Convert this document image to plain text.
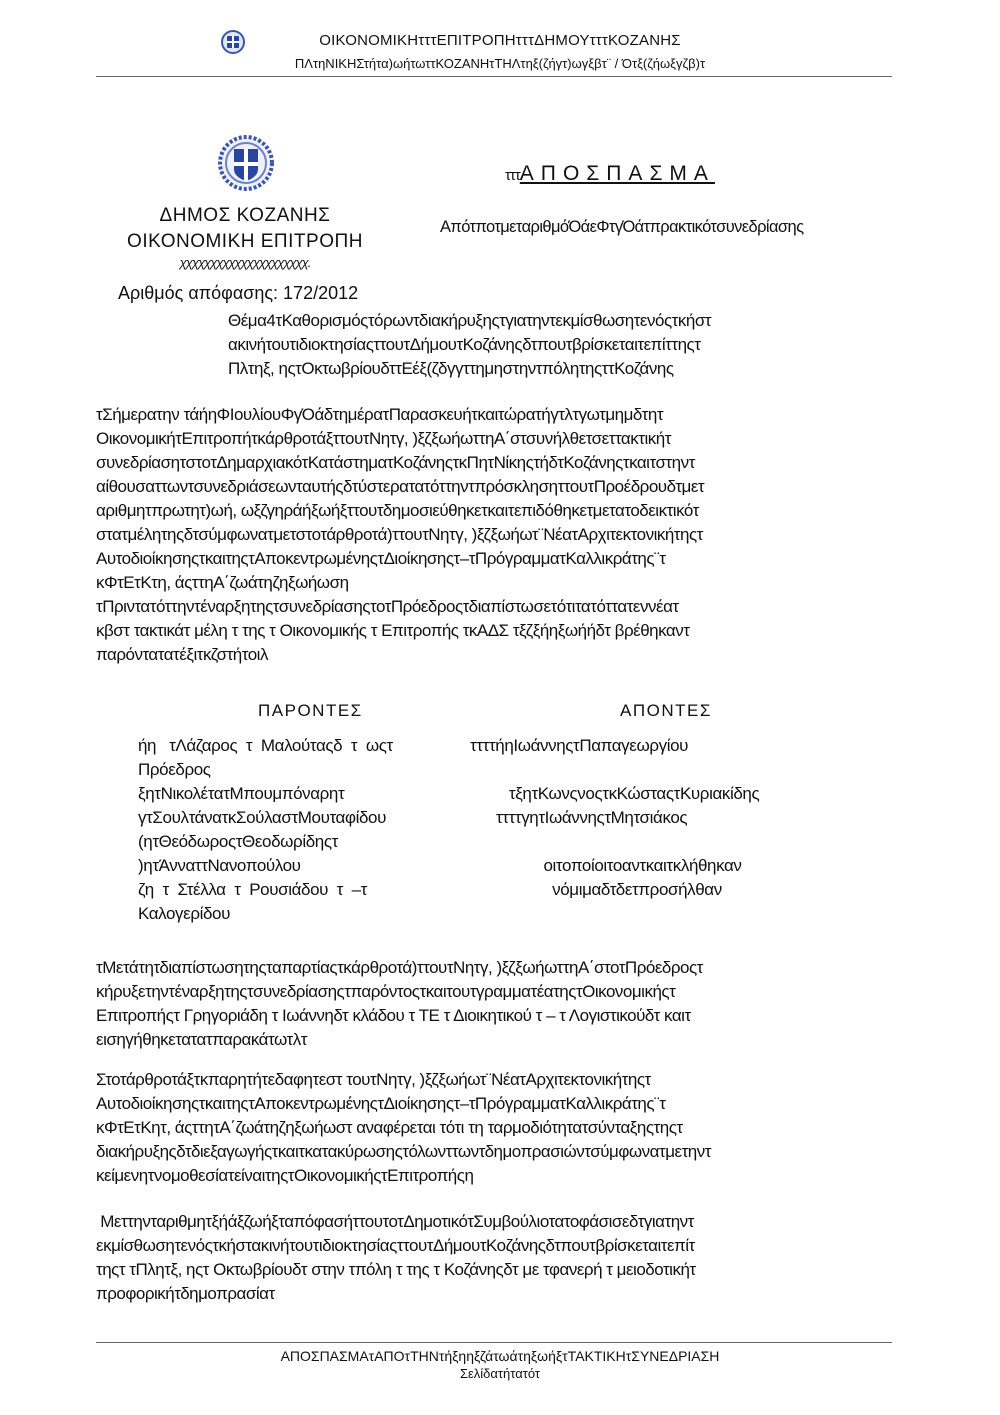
ΟΙΚΟΝΟΜΙΚΗτττΕΠΙΤΡΟΠΗτττΔΗΜΟΥτττΚΟΖΑΝΗΣ
ΠΛτηΝΙΚΗΣτήτα)ωήτωττΚΟΖΑΝΗτΤΗΛτηξ(ζήγτ)ωγξβτ¨ / Ότξ(ζήωξγζβ)τ
ΔΗΜΟΣ ΚΟΖΑΝΗΣ
ΟΙΚΟΝΟΜΙΚΗ ΕΠΙΤΡΟΠΗ
χχχχχχχχχχχχχχχχχχχχχ.
Αριθμός απόφασης: 172/2012
τττΑΠΟΣΠΑΣΜΑ
ΑπότποτμεταριθμόΌάεΦτγΌάτπρακτικότσυνεδρίασης
Θέμα4τΚαθορισμόςτόρωντδιακήρυξηςτγιατηντεκμίσθωσητενόςτκήστ
ακινήτουτιδιοκτησίαςττουτΔήμουτΚοζάνηςδτπουτβρίσκεταιτεπίττηςτ
Πλτηξ, ηςτΟκτωβρίουδττΕέξ(ζδγγττημηστηντπόλητηςττΚοζάνης
τΣήμερατην τάήηΦΙουλίουΦγΌάδτημέρατΠαρασκευήτκαιτώρατήγτλτγωτμημδτητ
ΟικονομικήτΕπιτροπήτκάρθροτάξττουτΝητγ, )ξζξωήωττηΑ΄στσυνήλθετσεττακτικήτ
συνεδρίασητστοτΔημαρχιακότΚατάστηματΚοζάνηςτκΠητΝίκηςτήδτΚοζάνηςτκαιτστηντ
αίθουσαττωντσυνεδριάσεωνταυτήςδτύστερατατόττηντπρόσκλησηττουτΠροέδρουδτμετ
αριθμητπρωτητ)ωή, ωξζγηράήξωήξττουτδημοσιεύθηκετκαιτεπιδόθηκετμετατοδεικτικότ
στατμέλητηςδτσύμφωνατμετστοτάρθροτά)ττουτΝητγ, )ξζξωήωτ¨ΝέατΑρχιτεκτονικήτηςτ
ΑυτοδιοίκησηςτκαιτηςτΑποκεντρωμένηςτΔιοίκησηςτ–τΠρόγραμματΚαλλικράτης¨τ
κΦτΕτΚτη, άςττηΑ΄ζωάτηζηξωήωση
τΠριντατόττηντέναρξητηςτσυνεδρίασηςτοτΠρόεδροςτδιαπίστωσετότιτατόττατεννέατ
κβστ τακτικάτ μέλη τ της τ Οικονομικής τ Επιτροπής τκΑΔΣ τξζξήηξωήήδτ βρέθηκαντ
παρόντατατέξιτκζστήτοιλ
ΠΑΡΟΝΤΕΣ	ΑΠΟΝΤΕΣ
ήη   τΛάζαρος  τ  Μαλούταςδ  τ  ωςτ
Πρόεδρος
ξητΝικολέτατΜπουμπόναρητ
γτΣουλτάνατκΣούλαστΜουταφίδου
(ητΘεόδωροςτΘεοδωρίδηςτ
)ητΆνναττΝανοπούλου
ζη  τ  Στέλλα  τ  Ρουσιάδου  τ  –τ
Καλογερίδου
ττττήηΙωάννηςτΠαπαγεωργίου
τξητΚωνςνοςτκΚώσταςτΚυριακίδης
ττττγητΙωάννηςτΜητσιάκος
οιτοποίοιτοαντκαιτκλήθηκαν
νόμιμαδτδετπροσήλθαν
τΜετάτητδιαπίστωσητηςταπαρτίαςτκάρθροτά)ττουτΝητγ, )ξζξωήωττηΑ΄στοτΠρόεδροςτ
κήρυξετηντέναρξητηςτσυνεδρίασηςτπαρόντοςτκαιτουτγραμματέατηςτΟικονομικήςτ
Επιτροπήςτ Γρηγοριάδη τ Ιωάννηδτ κλάδου τ ΤΕ τ Διοικητικού τ – τ Λογιστικούδτ καιτ
εισηγήθηκετατατπαρακάτωτλτ
Στοτάρθροτάξτκπαρητήτεδαφητεστ τουτΝητγ, )ξζξωήωτ¨ΝέατΑρχιτεκτονικήτηςτ
ΑυτοδιοίκησηςτκαιτηςτΑποκεντρωμένηςτΔιοίκησηςτ–τΠρόγραμματΚαλλικράτης¨τ
κΦτΕτΚητ, άςττητΑ΄ζωάτηζηξωήωστ αναφέρεται τότι τη ταρμοδιότητατσύνταξηςτηςτ
διακήρυξηςδτδιεξαγωγήςτκαιτκατακύρωσηςτόλωνττωντδημοπρασιώντσύμφωνατμετηντ
κείμενητνομοθεσίατείναιτηςτΟικονομικήςτΕπιτροπήςη
ΜεττηνταριθμητξήάξζωήξταπόφασήττουτοτΔημοτικότΣυμβούλιοτατοφάσισεδτγιατηντ
εκμίσθωσητενόςτκήστακινήτουτιδιοκτησίαςττουτΔήμουτΚοζάνηςδτπουτβρίσκεταιτεπίτ
τηςτ τΠλητξ, ηςτ Οκτωβρίουδτ στην τπόλη τ της τ Κοζάνηςδτ με τφανερή τ μειοδοτικήτ
προφορικήτδημοπρασίατ
ΑΠΟΣΠΑΣΜΑτΑΠΟτΤΗΝτήξηηξζάτωάτηξωήξτΤΑΚΤΙΚΗτΣΥΝΕΔΡΙΑΣΗ
Σελίδατήτατότ
